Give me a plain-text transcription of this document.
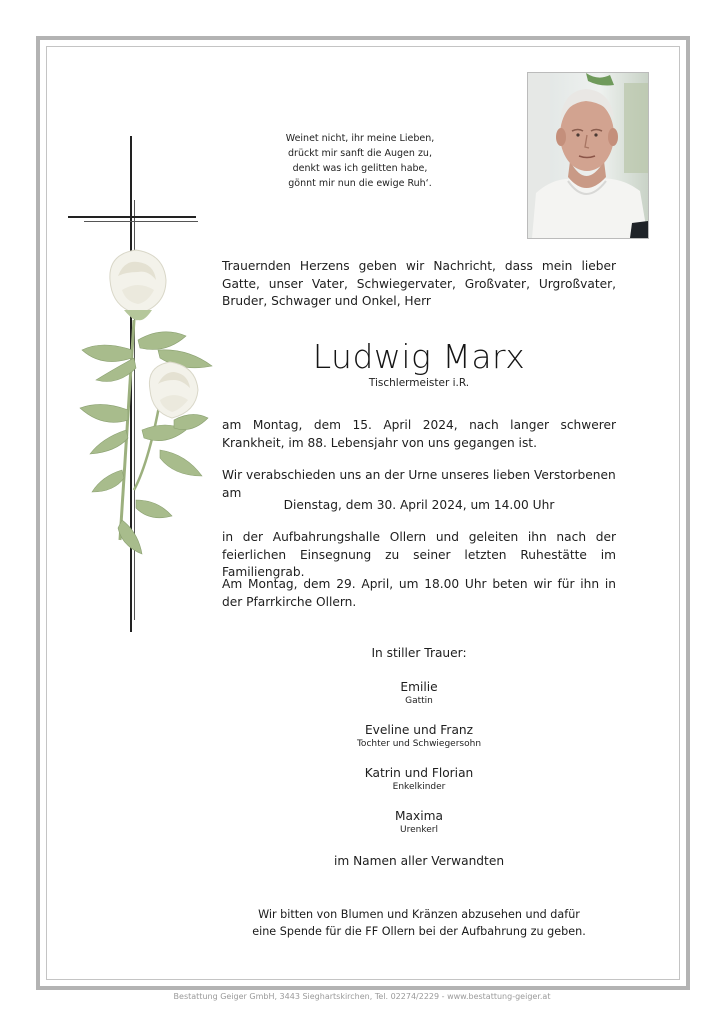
Weinet nicht, ihr meine Lieben,
drückt mir sanft die Augen zu,
denkt was ich gelitten habe,
gönnt mir nun die ewige Ruh‘.
Trauernden Herzens geben wir Nachricht, dass mein lieber Gatte, unser Vater, Schwiegervater, Großvater, Urgroßvater, Bruder, Schwager und Onkel, Herr
Ludwig Marx
Tischlermeister i.R.
am Montag, dem 15. April 2024, nach langer schwerer Krankheit, im 88. Lebensjahr von uns gegangen ist.
Wir verabschieden uns an der Urne unseres lieben Verstorbenen am
Dienstag, dem 30. April 2024, um 14.00 Uhr
in der Aufbahrungshalle Ollern und geleiten ihn nach der feierlichen Einsegnung zu seiner letzten Ruhestätte im Familiengrab.
Am Montag, dem 29. April, um 18.00 Uhr beten wir für ihn in der Pfarrkirche Ollern.
In stiller Trauer:
Emilie
Gattin
Eveline und Franz
Tochter und Schwiegersohn
Katrin und Florian
Enkelkinder
Maxima
Urenkerl
im Namen aller Verwandten
Wir bitten von Blumen und Kränzen abzusehen und dafür
eine Spende für die FF Ollern bei der Aufbahrung zu geben.
Bestattung Geiger GmbH, 3443 Sieghartskirchen, Tel. 02274/2229 - www.bestattung-geiger.at
